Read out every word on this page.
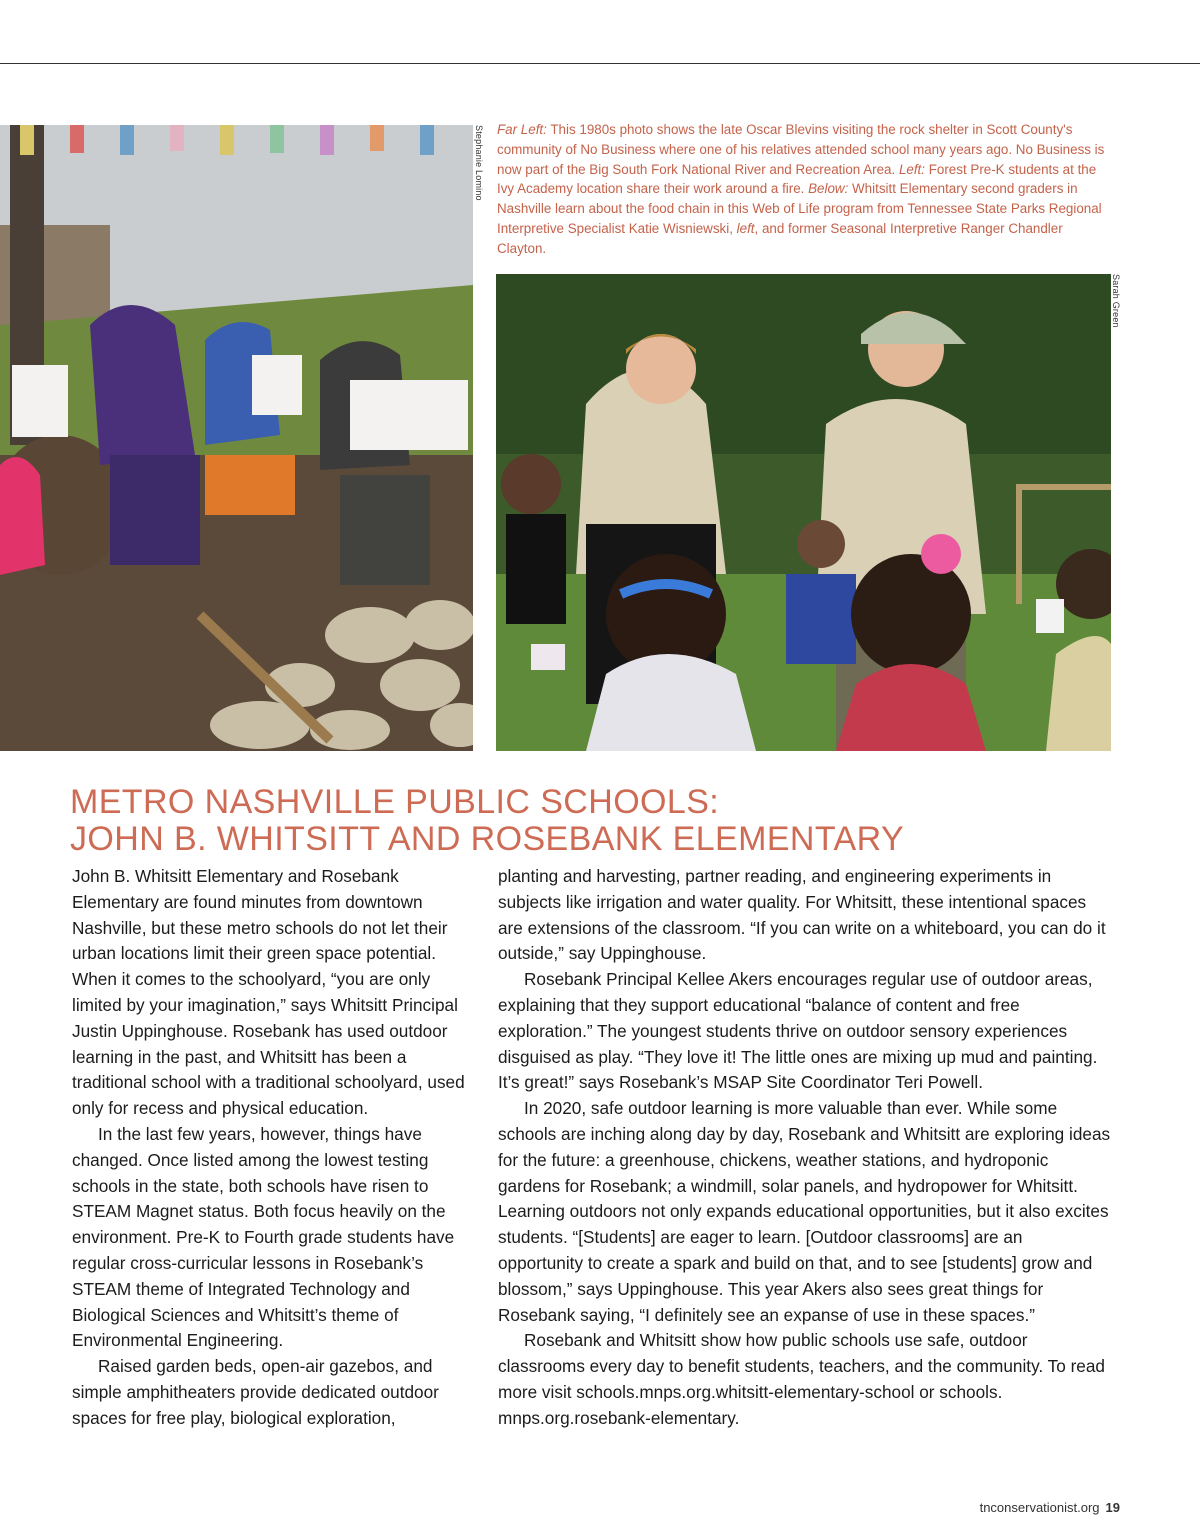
Stephanie Lomino Far Left: This 1980s photo shows the late Oscar Blevins visiting the rock shelter in Scott County's community of No Business where one of his relatives attended school many years ago. No Business is now part of the Big South Fork National River and Recreation Area. Left: Forest Pre-K students at the Ivy Academy location share their work around a fire. Below: Whitsitt Elementary second graders in Nashville learn about the food chain in this Web of Life program from Tennessee State Parks Regional Interpretive Specialist Katie Wisniewski, left, and former Seasonal Interpretive Ranger Chandler Clayton.
Sarah Green
METRO NASHVILLE PUBLIC SCHOOLS:
JOHN B. WHITSITT AND ROSEBANK ELEMENTARY

John B. Whitsitt Elementary and Rosebank Elementary are found minutes from downtown Nashville, but these metro schools do not let their urban locations limit their green space potential. When it comes to the schoolyard, “you are only limited by your imagination,” says Whitsitt Principal Justin Uppinghouse. Rosebank has used outdoor learning in the past, and Whitsitt has been a traditional school with a traditional schoolyard, used only for recess and physical education.

In the last few years, however, things have changed. Once listed among the lowest testing schools in the state, both schools have risen to STEAM Magnet status. Both focus heavily on the environment. Pre-K to Fourth grade students have regular cross-curricular lessons in Rosebank’s STEAM theme of Integrated Technology and Biological Sciences and Whitsitt’s theme of Environmental Engineering.

Raised garden beds, open-air gazebos, and simple amphitheaters provide dedicated outdoor spaces for free play, biological exploration,

planting and harvesting, partner reading, and engineering experiments in subjects like irrigation and water quality. For Whitsitt, these intentional spaces are extensions of the classroom. “If you can write on a whiteboard, you can do it outside,” say Uppinghouse.

Rosebank Principal Kellee Akers encourages regular use of outdoor areas, explaining that they support educational “balance of content and free exploration.” The youngest students thrive on outdoor sensory experiences disguised as play. “They love it! The little ones are mixing up mud and painting. It’s great!” says Rosebank’s MSAP Site Coordinator Teri Powell.

In 2020, safe outdoor learning is more valuable than ever. While some schools are inching along day by day, Rosebank and Whitsitt are exploring ideas for the future: a greenhouse, chickens, weather stations, and hydroponic gardens for Rosebank; a windmill, solar panels, and hydropower for Whitsitt. Learning outdoors not only expands educational opportunities, but it also excites students. “[Students] are eager to learn. [Outdoor classrooms] are an opportunity to create a spark and build on that, and to see [students] grow and blossom,” says Uppinghouse. This year Akers also sees great things for Rosebank saying, “I definitely see an expanse of use in these spaces.”

Rosebank and Whitsitt show how public schools use safe, outdoor classrooms every day to benefit students, teachers, and the community. To read more visit schools.mnps.org.whitsitt-elementary-school or schools. mnps.org.rosebank-elementary.

tnconservationist.org 19
